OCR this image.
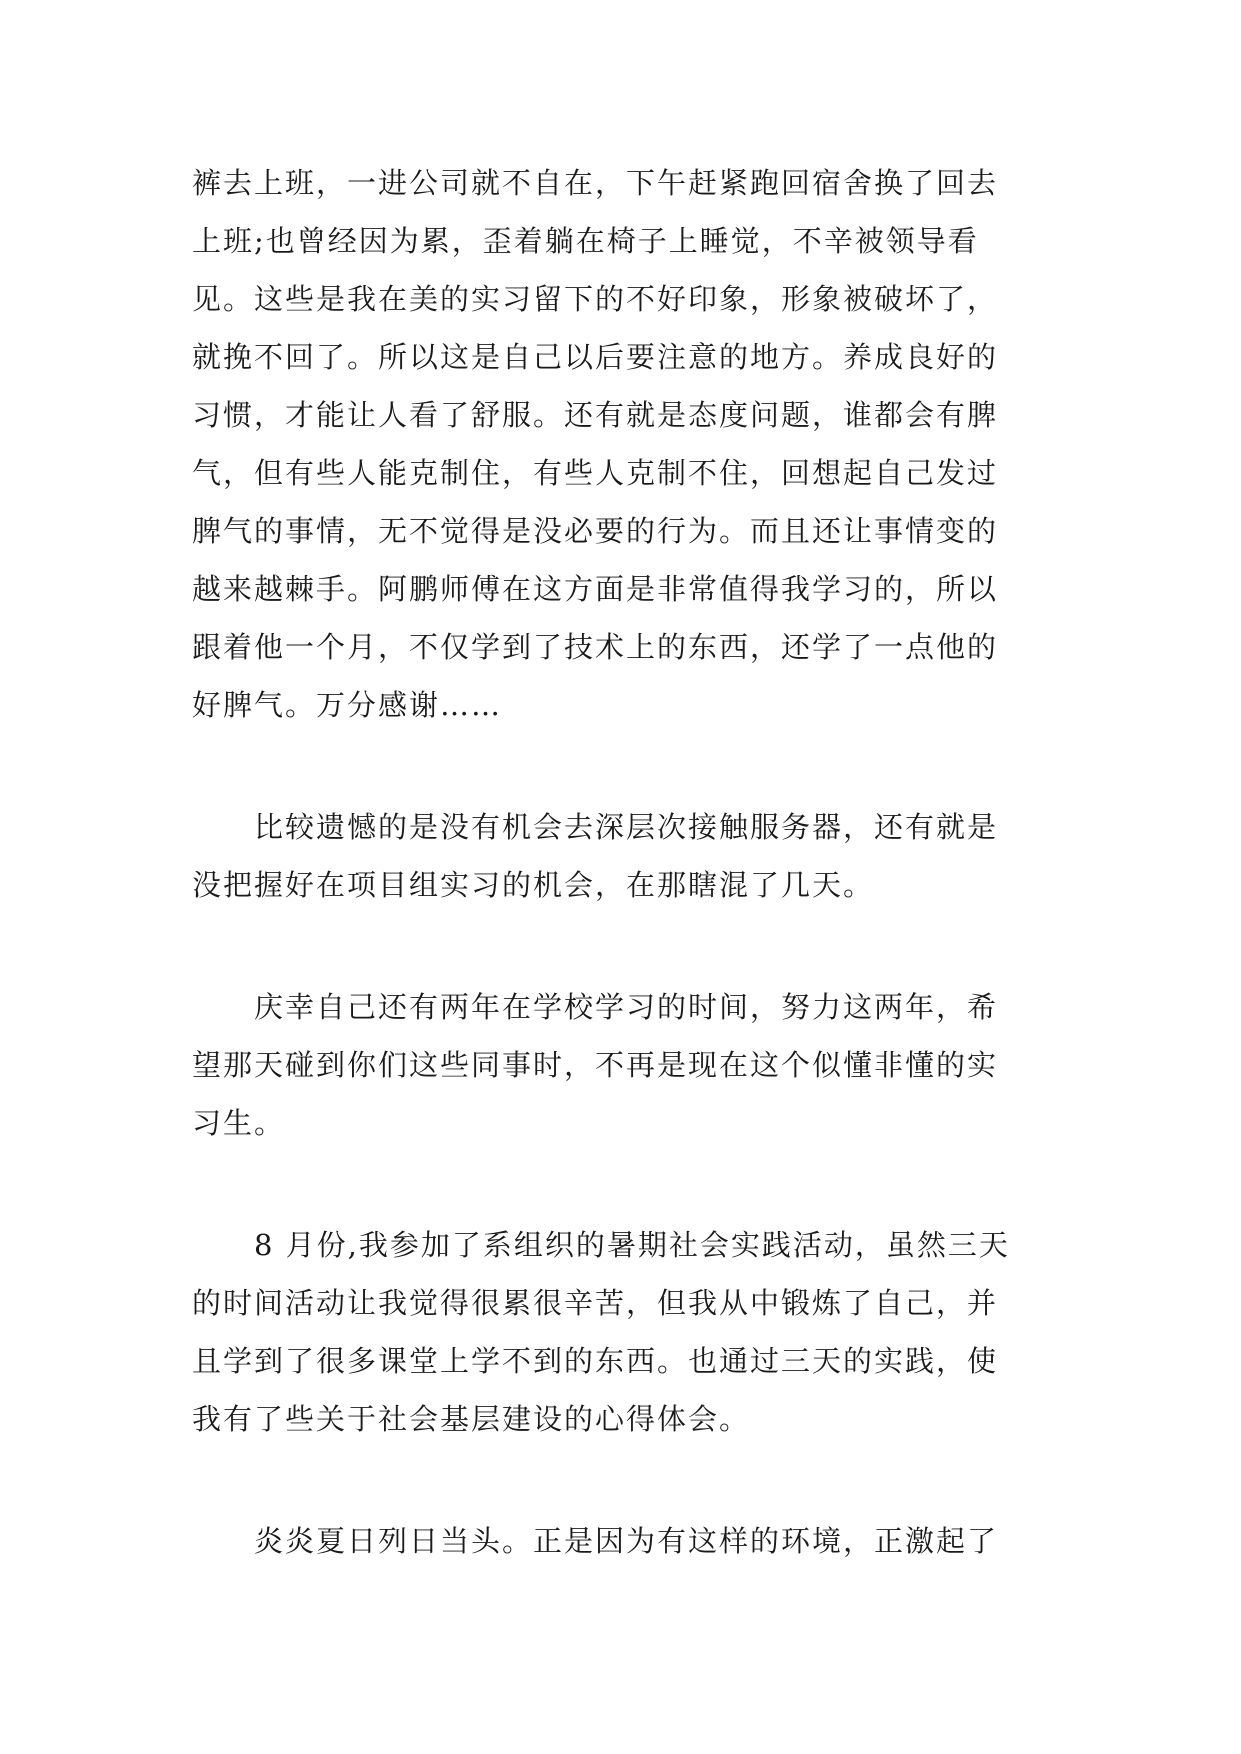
裤去上班，一进公司就不自在，下午赶紧跑回宿舍换了回去
上班;也曾经因为累，歪着躺在椅子上睡觉，不辛被领导看
见。这些是我在美的实习留下的不好印象，形象被破坏了，
就挽不回了。所以这是自己以后要注意的地方。养成良好的
习惯，才能让人看了舒服。还有就是态度问题，谁都会有脾
气，但有些人能克制住，有些人克制不住，回想起自己发过
脾气的事情，无不觉得是没必要的行为。而且还让事情变的
越来越棘手。阿鹏师傅在这方面是非常值得我学习的，所以
跟着他一个月，不仅学到了技术上的东西，还学了一点他的
好脾气。万分感谢……
比较遗憾的是没有机会去深层次接触服务器，还有就是
没把握好在项目组实习的机会，在那瞎混了几天。
庆幸自己还有两年在学校学习的时间，努力这两年，希
望那天碰到你们这些同事时，不再是现在这个似懂非懂的实
习生。
8 月份,我参加了系组织的暑期社会实践活动，虽然三天
的时间活动让我觉得很累很辛苦，但我从中锻炼了自己，并
且学到了很多课堂上学不到的东西。也通过三天的实践，使
我有了些关于社会基层建设的心得体会。
炎炎夏日列日当头。正是因为有这样的环境，正激起了
